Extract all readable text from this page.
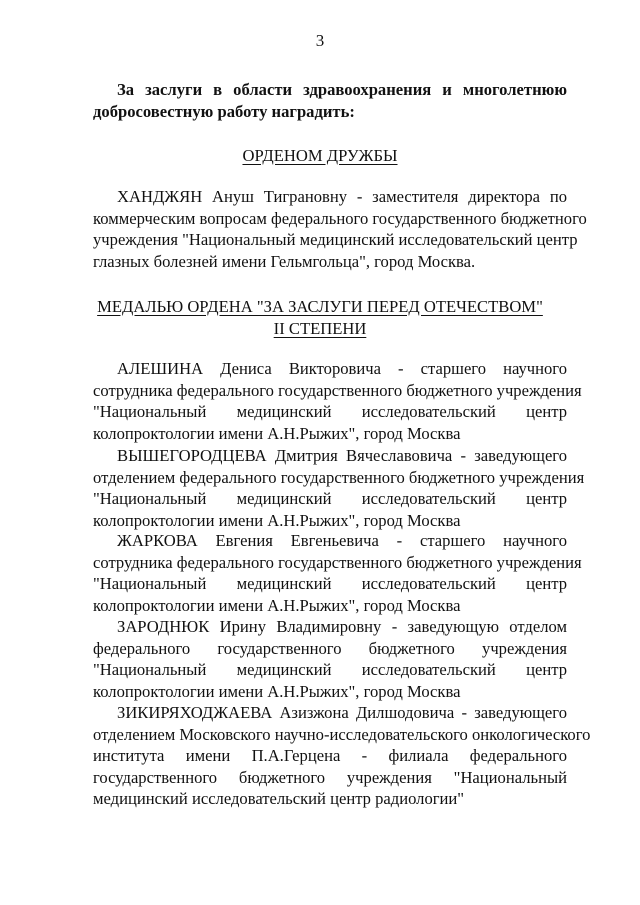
3
За заслуги в области здравоохранения и многолетнюю
добросовестную работу наградить:
ОРДЕНОМ ДРУЖБЫ
ХАНДЖЯН Ануш Тиграновну - заместителя директора по
коммерческим вопросам федерального государственного бюджетного
учреждения "Национальный медицинский исследовательский центр
глазных болезней имени Гельмгольца", город Москва.
МЕДАЛЬЮ ОРДЕНА "ЗА ЗАСЛУГИ ПЕРЕД ОТЕЧЕСТВОМ"
II СТЕПЕНИ
АЛЕШИНА Дениса Викторовича - старшего научного
сотрудника федерального государственного бюджетного учреждения
"Национальный медицинский исследовательский центр
колопроктологии имени А.Н.Рыжих", город Москва
ВЫШЕГОРОДЦЕВА Дмитрия Вячеславовича - заведующего
отделением федерального государственного бюджетного учреждения
"Национальный медицинский исследовательский центр
колопроктологии имени А.Н.Рыжих", город Москва
ЖАРКОВА Евгения Евгеньевича - старшего научного
сотрудника федерального государственного бюджетного учреждения
"Национальный медицинский исследовательский центр
колопроктологии имени А.Н.Рыжих", город Москва
ЗАРОДНЮК Ирину Владимировну - заведующую отделом
федерального государственного бюджетного учреждения
"Национальный медицинский исследовательский центр
колопроктологии имени А.Н.Рыжих", город Москва
ЗИКИРЯХОДЖАЕВА Азизжона Дилшодовича - заведующего
отделением Московского научно-исследовательского онкологического
института имени П.А.Герцена - филиала федерального
государственного бюджетного учреждения "Национальный
медицинский исследовательский центр радиологии"
